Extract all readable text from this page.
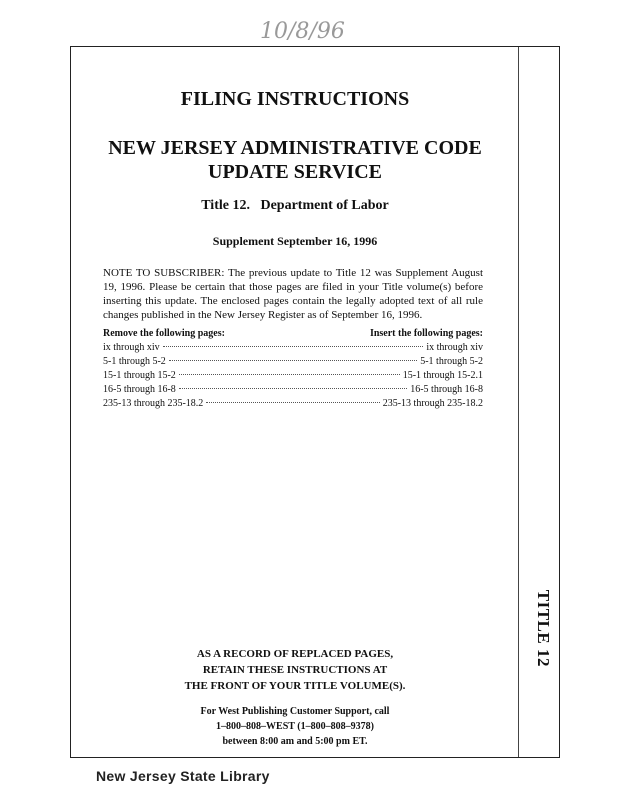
10/8/96
TITLE 12
FILING INSTRUCTIONS
NEW JERSEY ADMINISTRATIVE CODE
UPDATE SERVICE
Title 12.   Department of Labor
Supplement September 16, 1996
NOTE TO SUBSCRIBER: The previous update to Title 12 was Supplement August 19, 1996. Please be certain that those pages are filed in your Title volume(s) before inserting this update. The enclosed pages contain the legally adopted text of all rule changes published in the New Jersey Register as of September 16, 1996.
Remove the following pages:	Insert the following pages:
ix through xiv	ix through xiv
5-1 through 5-2	5-1 through 5-2
15-1 through 15-2	15-1 through 15-2.1
16-5 through 16-8	16-5 through 16-8
235-13 through 235-18.2	235-13 through 235-18.2
AS A RECORD OF REPLACED PAGES,
RETAIN THESE INSTRUCTIONS AT
THE FRONT OF YOUR TITLE VOLUME(S).
For West Publishing Customer Support, call
1–800–808–WEST (1–800–808–9378)
between 8:00 am and 5:00 pm ET.
New Jersey State Library
